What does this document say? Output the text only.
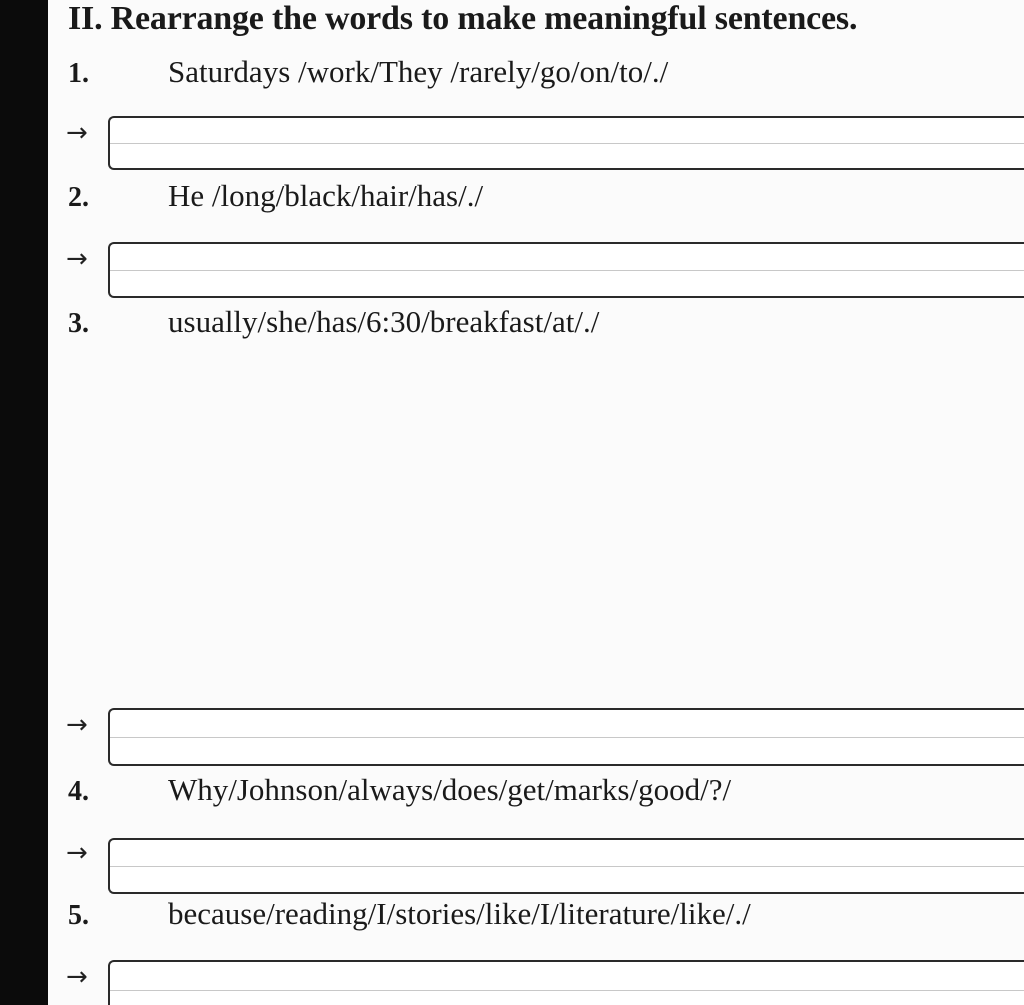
II. Rearrange the words to make meaningful sentences.
1.	Saturdays /work/They /rarely/go/on/to/./
→
2.	He /long/black/hair/has/./
→
3.	usually/she/has/6:30/breakfast/at/./
→
4.	Why/Johnson/always/does/get/marks/good/?/
→
5.	because/reading/I/stories/like/I/literature/like/./
→
